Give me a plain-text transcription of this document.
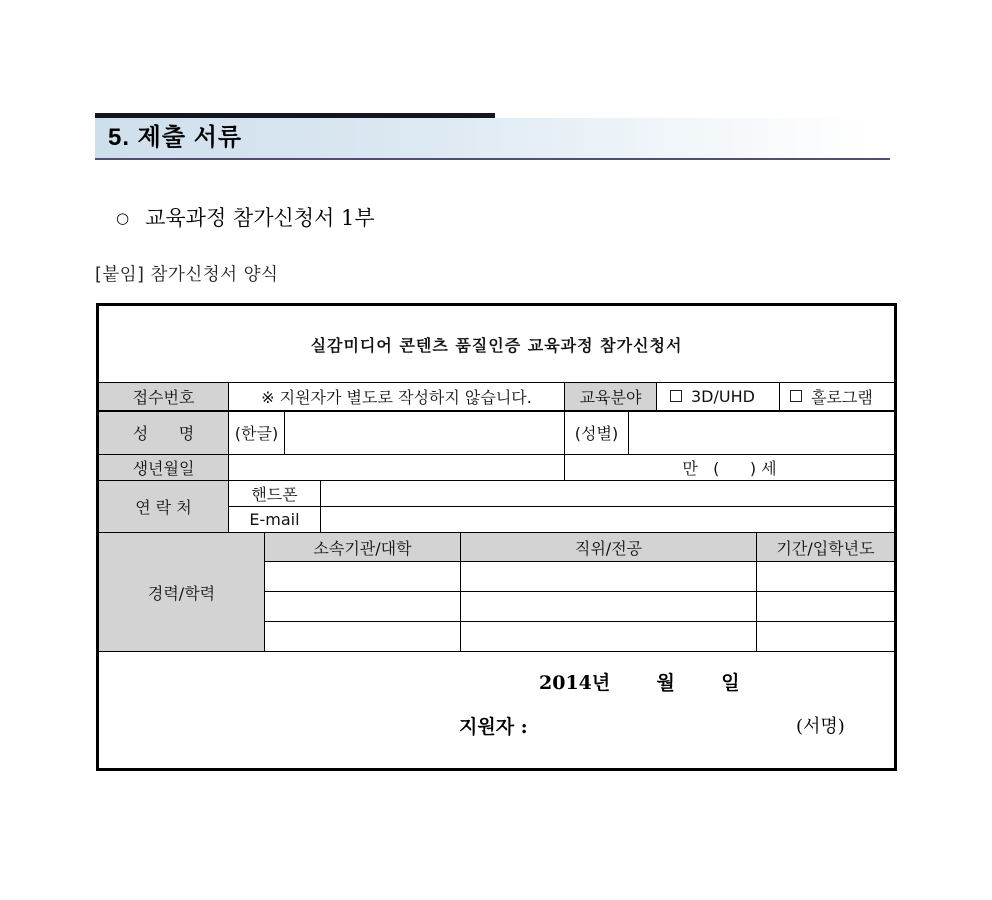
5. 제출 서류
○ 교육과정 참가신청서 1부
[붙임] 참가신청서 양식
실감미디어 콘텐츠 품질인증 교육과정 참가신청서										
접수번호	※ 지원자가 별도로 작성하지 않습니다.					교육분야		3D/UHD		홀로그램

성      명	(한글)					(성별)				
생년월일						만   (      ) 세				
연 락 처	핸드폰									
	E-mail									
경력/학력		소속기관/대학			직위/전공				기간/입학년도	

2014년       월       일
지원자 : (서명)										
